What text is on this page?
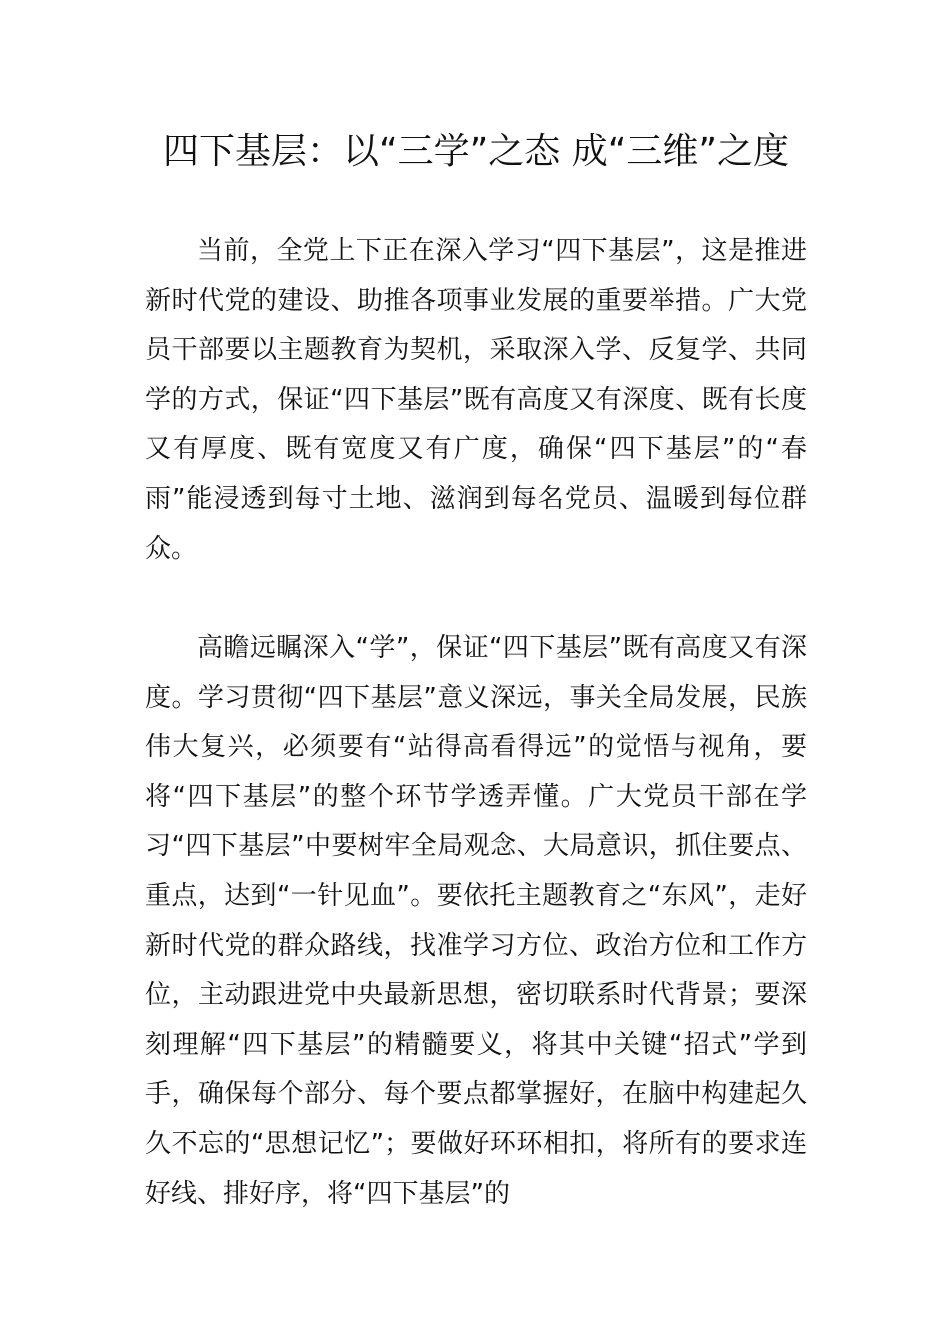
四下基层：以“三学”之态 成“三维”之度

当前，全党上下正在深入学习“四下基层”，这是推进新时代党的建设、助推各项事业发展的重要举措。广大党员干部要以主题教育为契机，采取深入学、反复学、共同学的方式，保证“四下基层”既有高度又有深度、既有长度又有厚度、既有宽度又有广度，确保“四下基层”的“春雨”能浸透到每寸土地、滋润到每名党员、温暖到每位群众。

高瞻远瞩深入“学”，保证“四下基层”既有高度又有深度。学习贯彻“四下基层”意义深远，事关全局发展，民族伟大复兴，必须要有“站得高看得远”的觉悟与视角，要将“四下基层”的整个环节学透弄懂。广大党员干部在学习“四下基层”中要树牢全局观念、大局意识，抓住要点、重点，达到“一针见血”。要依托主题教育之“东风”，走好新时代党的群众路线，找准学习方位、政治方位和工作方位，主动跟进党中央最新思想，密切联系时代背景；要深刻理解“四下基层”的精髓要义，将其中关键“招式”学到手，确保每个部分、每个要点都掌握好，在脑中构建起久久不忘的“思想记忆”；要做好环环相扣，将所有的要求连好线、排好序，将“四下基层”的
